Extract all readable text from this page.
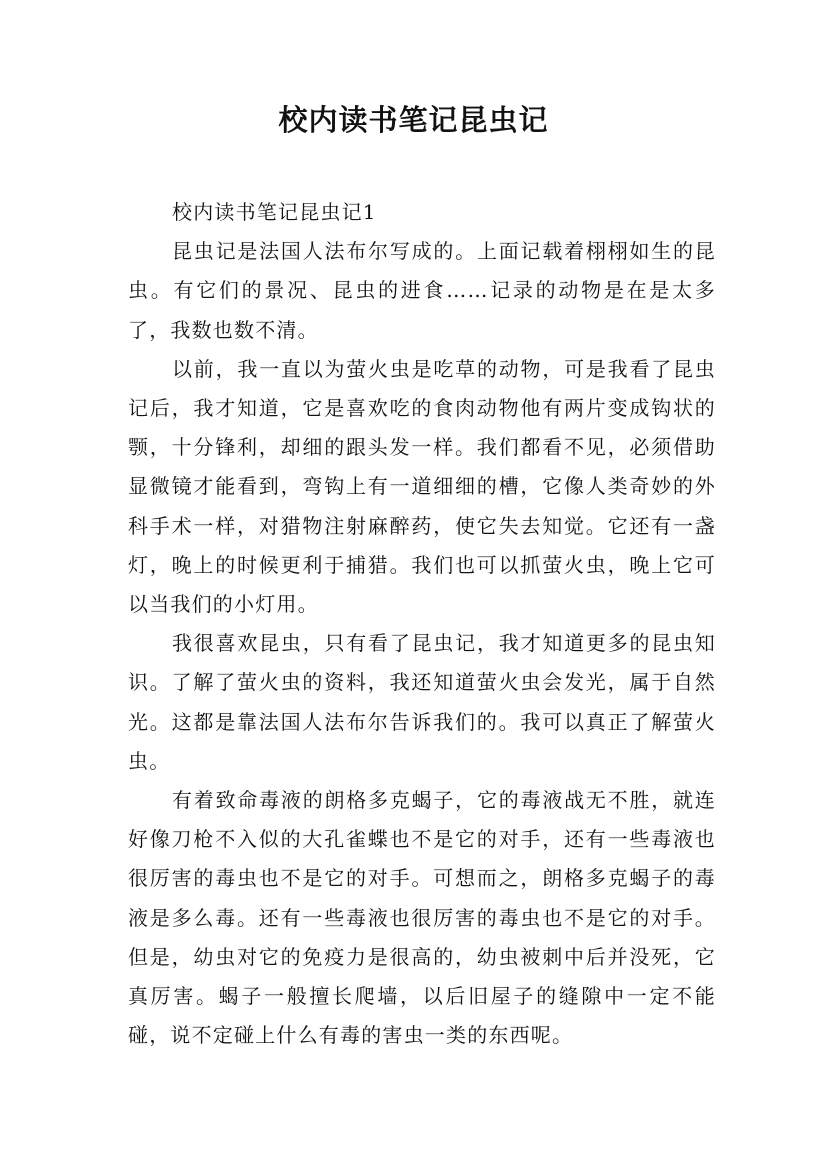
校内读书笔记昆虫记

校内读书笔记昆虫记1

昆虫记是法国人法布尔写成的。上面记载着栩栩如生的昆虫。有它们的景况、昆虫的进食……记录的动物是在是太多了，我数也数不清。

以前，我一直以为萤火虫是吃草的动物，可是我看了昆虫记后，我才知道，它是喜欢吃的食肉动物他有两片变成钩状的颚，十分锋利，却细的跟头发一样。我们都看不见，必须借助显微镜才能看到，弯钩上有一道细细的槽，它像人类奇妙的外科手术一样，对猎物注射麻醉药，使它失去知觉。它还有一盏灯，晚上的时候更利于捕猎。我们也可以抓萤火虫，晚上它可以当我们的小灯用。

我很喜欢昆虫，只有看了昆虫记，我才知道更多的昆虫知识。了解了萤火虫的资料，我还知道萤火虫会发光，属于自然光。这都是靠法国人法布尔告诉我们的。我可以真正了解萤火虫。

有着致命毒液的朗格多克蝎子，它的毒液战无不胜，就连好像刀枪不入似的大孔雀蝶也不是它的对手，还有一些毒液也很厉害的毒虫也不是它的对手。可想而之，朗格多克蝎子的毒液是多么毒。还有一些毒液也很厉害的毒虫也不是它的对手。但是，幼虫对它的免疫力是很高的，幼虫被刺中后并没死，它真厉害。蝎子一般擅长爬墙，以后旧屋子的缝隙中一定不能碰，说不定碰上什么有毒的害虫一类的东西呢。
